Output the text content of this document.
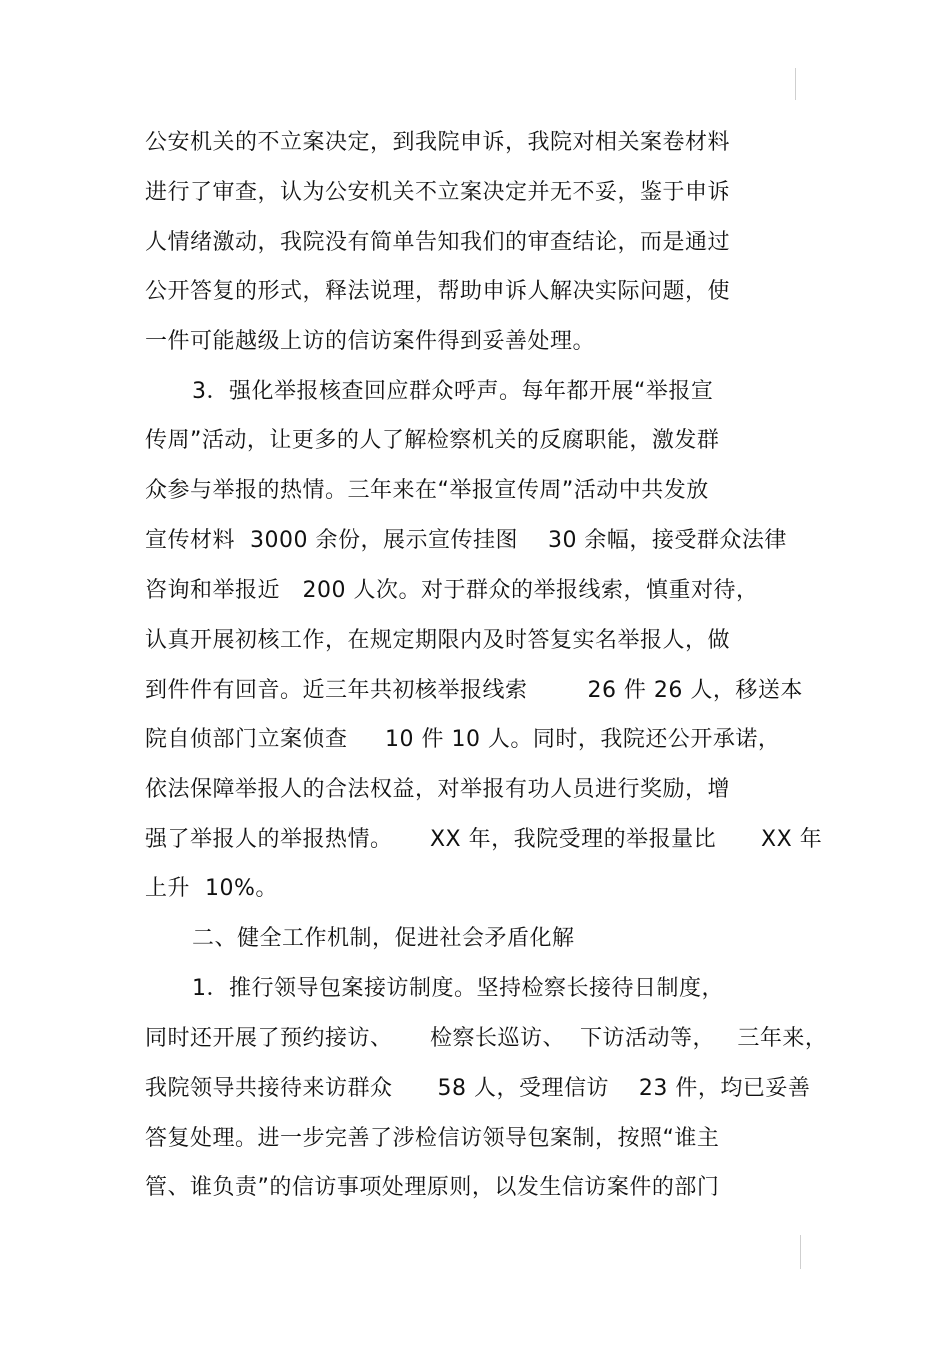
公安机关的不立案决定，到我院申诉，我院对相关案卷材料
进行了审查，认为公安机关不立案决定并无不妥，鉴于申诉
人情绪激动，我院没有简单告知我们的审查结论，而是通过
公开答复的形式，释法说理，帮助申诉人解决实际问题，使
一件可能越级上访的信访案件得到妥善处理。
3．强化举报核查回应群众呼声。每年都开展“举报宣
传周”活动，让更多的人了解检察机关的反腐职能，激发群
众参与举报的热情。三年来在“举报宣传周”活动中共发放
宣传材料  3000 余份，展示宣传挂图    30 余幅，接受群众法律
咨询和举报近   200 人次。对于群众的举报线索，慎重对待，
认真开展初核工作，在规定期限内及时答复实名举报人，做
到件件有回音。近三年共初核举报线索        26 件 26 人，移送本
院自侦部门立案侦查     10 件 10 人。同时，我院还公开承诺，
依法保障举报人的合法权益，对举报有功人员进行奖励，增
强了举报人的举报热情。     XX 年，我院受理的举报量比      XX 年
上升  10%。
二、健全工作机制，促进社会矛盾化解
1．推行领导包案接访制度。坚持检察长接待日制度，
同时还开展了预约接访、     检察长巡访、  下访活动等，   三年来，
我院领导共接待来访群众      58 人，受理信访    23 件，均已妥善
答复处理。进一步完善了涉检信访领导包案制，按照“谁主
管、谁负责”的信访事项处理原则，以发生信访案件的部门
